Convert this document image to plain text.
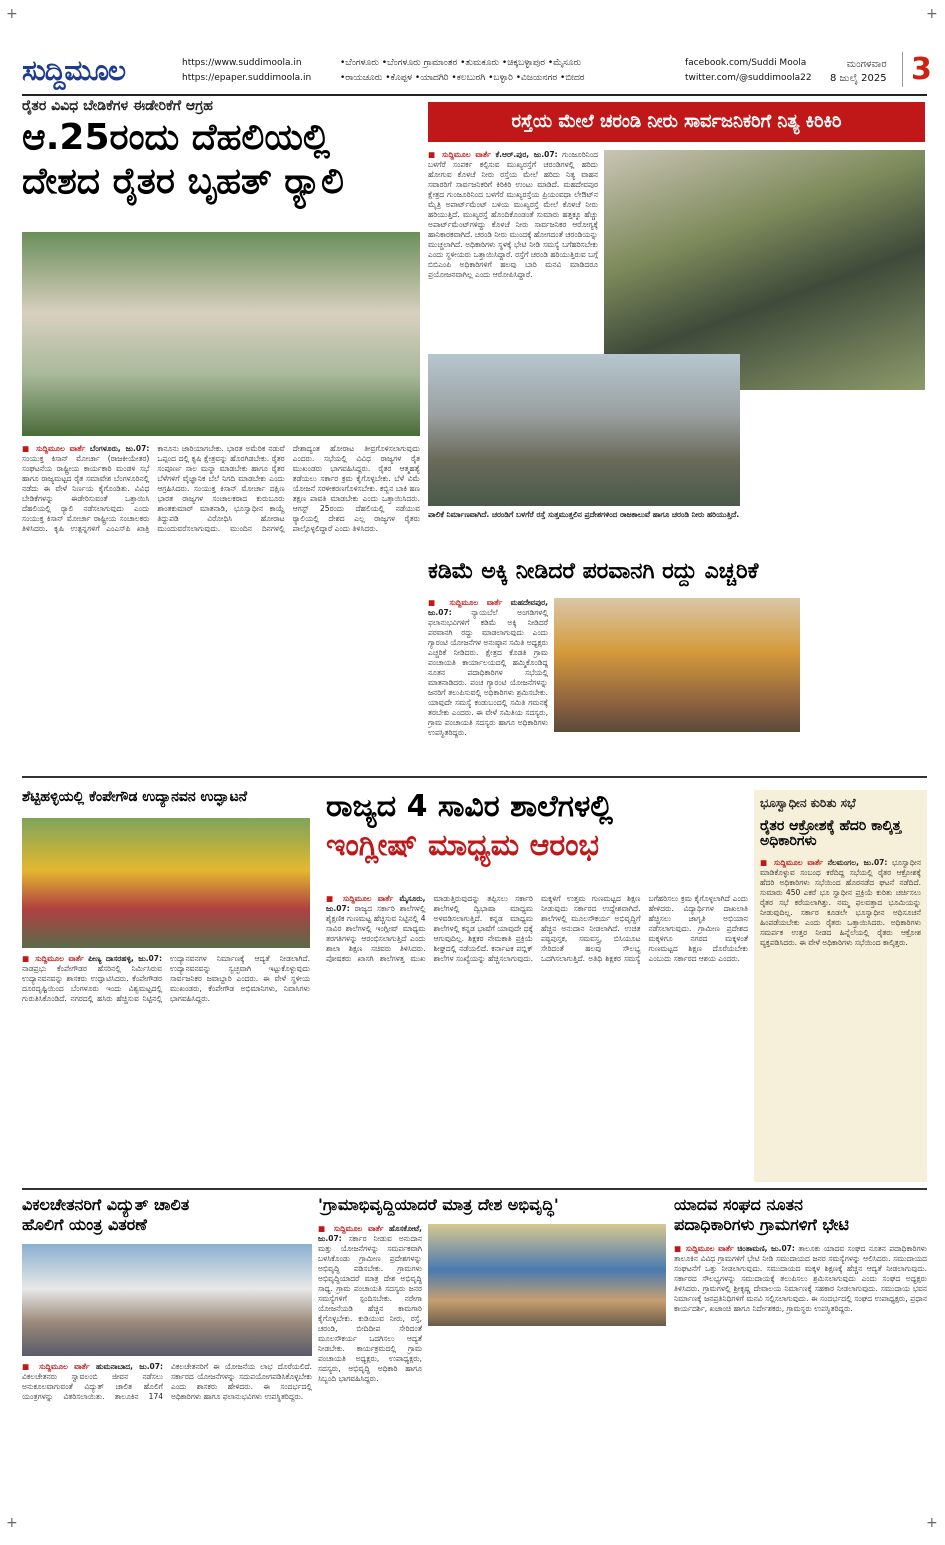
+	+
+	+
ಸುದ್ದಿಮೂಲ	https://www.suddimoola.in
https://epaper.suddimoola.in
•ಬೆಂಗಳೂರು •ಬೆಂಗಳೂರು ಗ್ರಾಮಾಂತರ •ತುಮಕೂರು •ಚಿಕ್ಕಬಳ್ಳಾಪುರ •ಮೈಸೂರು
•ರಾಯಚೂರು •ಕೊಪ್ಪಳ •ಯಾದಗಿರಿ •ಕಲಬುರಗಿ •ಬಳ್ಳಾರಿ •ವಿಜಯನಗರ •ಬೀದರ
facebook.com/Suddi Moola
twitter.com/@suddimoola22
ಮಂಗಳವಾರ
8 ಜುಲೈ 2025 3
ರೈತರ ವಿವಿಧ ಬೇಡಿಕೆಗಳ ಈಡೇರಿಕೆಗೆ ಆಗ್ರಹ
ಆ.25ರಂದು ದೆಹಲಿಯಲ್ಲಿ
ದೇಶದ ರೈತರ ಬೃಹತ್ ರ್‍ಯಾಲಿ
■ ಸುದ್ದಿಮೂಲ ವಾರ್ತೆ ಬೆಂಗಳೂರು, ಜು.07: ಸಂಯುಕ್ತ ಕಿಸಾನ್ ಮೋರ್ಚಾ (ರಾಜಕೀಯೇತರ) ಸಂಘಟನೆಯ ರಾಷ್ಟ್ರೀಯ ಕಾರ್ಯಕಾರಿ ಮಂಡಳಿ ಸಭೆ ಹಾಗೂ ರಾಜ್ಯಮಟ್ಟದ ರೈತ ಸಮಾವೇಶ ಬೆಂಗಳೂರಿನಲ್ಲಿ ನಡೆದು ಈ ವೇಳೆ ನಿರ್ಣಯ ಕೈಗೊಂಡಿತು. ವಿವಿಧ ಬೇಡಿಕೆಗಳನ್ನು ಈಡೇರಿಸುವಂತೆ ಒತ್ತಾಯಿಸಿ ದೆಹಲಿಯಲ್ಲಿ ರ್‍ಯಾಲಿ ನಡೆಸಲಾಗುವುದು ಎಂದು ಸಂಯುಕ್ತ ಕಿಸಾನ್ ಮೋರ್ಚಾ ರಾಷ್ಟ್ರೀಯ ಸಂಚಾಲಕರು ತಿಳಿಸಿದರು. ಕೃಷಿ ಉತ್ಪನ್ನಗಳಿಗೆ ಎಂಎಸ್‌ಪಿ ಖಾತ್ರಿ ಕಾನೂನು ಜಾರಿಯಾಗಬೇಕು. ಭಾರತ ಅಮೆರಿಕ ನಡುವೆ ಒಪ್ಪಂದ ದಲ್ಲಿ ಕೃಷಿ ಕ್ಷೇತ್ರವನ್ನು ಹೊರಗಿಡಬೇಕು. ರೈತರ ಸಂಪೂರ್ಣ ಸಾಲ ಮನ್ನಾ ಮಾಡಬೇಕು ಹಾಗೂ ರೈತರ ಬೆಳೆಗಳಿಗೆ ವೈಜ್ಞಾನಿಕ ಬೆಲೆ ನಿಗದಿ ಮಾಡಬೇಕು ಎಂದು ಆಗ್ರಹಿಸಿದರು. ಸಂಯುಕ್ತ ಕಿಸಾನ್ ಮೋರ್ಚಾ ದಕ್ಷಿಣ ಭಾರತ ರಾಜ್ಯಗಳ ಸಂಚಾಲಕರಾದ ಕುರುಬೂರು ಶಾಂತಕುಮಾರ್ ಮಾತನಾಡಿ, ಭೂಸ್ವಾಧೀನ ಕಾಯ್ದೆ ತಿದ್ದುಪಡಿ ವಿರೋಧಿಸಿ ಹೋರಾಟ ಮುಂದುವರೆಸಲಾಗುವುದು. ಮುಂದಿನ ದಿನಗಳಲ್ಲಿ ದೇಶಾದ್ಯಂತ ಹೋರಾಟ ತೀವ್ರಗೊಳಿಸಲಾಗುವುದು ಎಂದರು. ಸಭೆಯಲ್ಲಿ ವಿವಿಧ ರಾಜ್ಯಗಳ ರೈತ ಮುಖಂಡರು ಭಾಗವಹಿಸಿದ್ದರು. ರೈತರ ಆತ್ಮಹತ್ಯೆ ತಡೆಯಲು ಸರ್ಕಾರ ಕ್ರಮ ಕೈಗೊಳ್ಳಬೇಕು. ಬೆಳೆ ವಿಮೆ ಯೋಜನೆ ಸರಳೀಕರಣಗೊಳಿಸಬೇಕು. ಕಬ್ಬಿನ ಬಾಕಿ ಹಣ ತಕ್ಷಣ ಪಾವತಿ ಮಾಡಬೇಕು ಎಂದು ಒತ್ತಾಯಿಸಿದರು. ಆಗಸ್ಟ್ 25ರಂದು ದೆಹಲಿಯಲ್ಲಿ ನಡೆಯುವ ರ್‍ಯಾಲಿಯಲ್ಲಿ ದೇಶದ ಎಲ್ಲ ರಾಜ್ಯಗಳ ರೈತರು ಪಾಲ್ಗೊಳ್ಳಲಿದ್ದಾರೆ ಎಂದು ತಿಳಿಸಿದರು.
ರಸ್ತೆಯ ಮೇಲೆ ಚರಂಡಿ ನೀರು ಸಾರ್ವಜನಿಕರಿಗೆ ನಿತ್ಯ ಕಿರಿಕಿರಿ
■ ಸುದ್ದಿಮೂಲ ವಾರ್ತೆ ಕೆ.ಆರ್.ಪುರ, ಜು.07: ಗುಂಜೂರಿನಿಂದ ಬಳಗೆರೆ ಸಂಪರ್ಕ ಕಲ್ಪಿಸುವ ಮುಖ್ಯರಸ್ತೆಗೆ ಚರಂಡಿಗಳಲ್ಲಿ ಹರಿದು ಹೋಗುವ ಕೊಳಚೆ ನೀರು ರಸ್ತೆಯ ಮೇಲೆ ಹರಿದು ನಿತ್ಯ ವಾಹನ ಸವಾರರಿಗೆ ಸಾರ್ವಜನಿಕರಿಗೆ ಕಿರಿಕಿರಿ ಉಂಟು ಮಾಡಿದೆ. ಮಹದೇವಪುರ ಕ್ಷೇತ್ರದ ಗುಂಜೂರಿನಿಂದ ಬಳಗೆರೆ ಮುಖ್ಯರಸ್ತೆಯ ಪ್ರಿಯಂವಧಾ ಲೇಔಟ್‌ನ ಮೈತ್ರಿ ಅಪಾರ್ಟ್‌ಮೆಂಟ್ ಬಳಿಯ ಮುಖ್ಯರಸ್ತೆ ಮೇಲೆ ಕೊಳಚೆ ನೀರು ಹರಿಯುತ್ತಿದೆ. ಮುಖ್ಯರಸ್ತೆ ಹೊಂದಿಕೊಂಡಂತೆ ಸುಮಾರು ಹತ್ತಕ್ಕೂ ಹೆಚ್ಚು ಅಪಾರ್ಟ್‌ಮೆಂಟ್‌ಗಳಿದ್ದು ಕೊಳಚೆ ನೀರು ಸಾರ್ವಜನಿಕರ ಆರೋಗ್ಯಕ್ಕೆ ಹಾನಿಕಾರಕವಾಗಿದೆ. ಚರಂಡಿ ನೀರು ಮುಂದಕ್ಕೆ ಹೋಗದಂತೆ ಚರಂಡಿಯನ್ನು ಮುಚ್ಚಲಾಗಿದೆ. ಅಧಿಕಾರಿಗಳು ಸ್ಥಳಕ್ಕೆ ಭೇಟಿ ನೀಡಿ ಸಮಸ್ಯೆ ಬಗೆಹರಿಸಬೇಕು ಎಂದು ಸ್ಥಳೀಯರು ಒತ್ತಾಯಿಸಿದ್ದಾರೆ. ರಸ್ತೆಗೆ ಚರಂಡಿ ಹರಿಯುತ್ತಿರುವ ಬಗ್ಗೆ ಬಿಬಿಎಂಪಿ ಅಧಿಕಾರಿಗಳಿಗೆ ಹಲವು ಬಾರಿ ಮನವಿ ಮಾಡಿದರೂ ಪ್ರಯೋಜನವಾಗಿಲ್ಲ ಎಂದು ಆರೋಪಿಸಿದ್ದಾರೆ.
ಪಾಲಿಕೆ ನಿರ್ಮಾಣವಾಗಿದೆ. ಚರಂಡಿಗೆ ಬಳಗೆರೆ ರಸ್ತೆ ಸುತ್ತಮುತ್ತಲಿನ ಪ್ರದೇಶಗಳಿಂದ ರಾಜಕಾಲುವೆ ಹಾಗೂ ಚರಂಡಿ ನೀರು ಹರಿಯುತ್ತಿದೆ.
ಕಡಿಮೆ ಅಕ್ಕಿ ನೀಡಿದರೆ ಪರವಾನಗಿ ರದ್ದು ಎಚ್ಚರಿಕೆ
■ ಸುದ್ದಿಮೂಲ ವಾರ್ತೆ ಮಹದೇವಪುರ, ಜು.07:	ನ್ಯಾಯಬೆಲೆ ಅಂಗಡಿಗಳಲ್ಲಿ ಫಲಾನುಭವಿಗಳಿಗೆ ಕಡಿಮೆ ಅಕ್ಕಿ ನೀಡಿದರೆ ಪರವಾನಗಿ ರದ್ದು ಮಾಡಲಾಗುವುದು ಎಂದು ಗ್ಯಾರಂಟಿ ಯೋಜನೆಗಳ ಅನುಷ್ಠಾನ ಸಮಿತಿ ಅಧ್ಯಕ್ಷರು ಎಚ್ಚರಿಕೆ ನೀಡಿದರು. ಕ್ಷೇತ್ರದ ಕೊಡತಿ ಗ್ರಾಮ ಪಂಚಾಯತಿ ಕಾರ್ಯಾಲಯದಲ್ಲಿ ಹಮ್ಮಿಕೊಂಡಿದ್ದ ನೂತನ ಪದಾಧಿಕಾರಿಗಳ ಸಭೆಯಲ್ಲಿ ಮಾತನಾಡಿದರು. ಪಂಚ ಗ್ಯಾರಂಟಿ ಯೋಜನೆಗಳನ್ನು ಜನರಿಗೆ ತಲುಪಿಸುವಲ್ಲಿ ಅಧಿಕಾರಿಗಳು ಶ್ರಮಿಸಬೇಕು. ಯಾವುದೇ ಸಮಸ್ಯೆ ಕಂಡುಬಂದಲ್ಲಿ ಸಮಿತಿ ಗಮನಕ್ಕೆ ತರಬೇಕು ಎಂದರು. ಈ ವೇಳೆ ಸಮಿತಿಯ ಸದಸ್ಯರು, ಗ್ರಾಮ ಪಂಚಾಯತಿ ಸದಸ್ಯರು ಹಾಗೂ ಅಧಿಕಾರಿಗಳು ಉಪಸ್ಥಿತರಿದ್ದರು.
ಶೆಟ್ಟಿಹಳ್ಳಿಯಲ್ಲಿ ಕೆಂಪೇಗೌಡ ಉದ್ಯಾನವನ ಉದ್ಘಾಟನೆ
■ ಸುದ್ದಿಮೂಲ ವಾರ್ತೆ ಪೀಣ್ಯ ದಾಸರಹಳ್ಳಿ, ಜು.07: ನಾಡಪ್ರಭು ಕೆಂಪೇಗೌಡರ ಹೆಸರಿನಲ್ಲಿ ನಿರ್ಮಿಸಿರುವ ಉದ್ಯಾನವನವನ್ನು ಶಾಸಕರು ಉದ್ಘಾಟಿಸಿದರು. ಕೆಂಪೇಗೌಡರ ದೂರದೃಷ್ಟಿಯಿಂದ ಬೆಂಗಳೂರು ಇಂದು ವಿಶ್ವಮಟ್ಟದಲ್ಲಿ ಗುರುತಿಸಿಕೊಂಡಿದೆ. ನಗರದಲ್ಲಿ ಹಸಿರು ಹೆಚ್ಚಿಸುವ ನಿಟ್ಟಿನಲ್ಲಿ ಉದ್ಯಾನವನಗಳ ನಿರ್ಮಾಣಕ್ಕೆ ಆದ್ಯತೆ ನೀಡಲಾಗಿದೆ. ಉದ್ಯಾನವನವನ್ನು ಸ್ವಚ್ಛವಾಗಿ ಇಟ್ಟುಕೊಳ್ಳುವುದು ಸಾರ್ವಜನಿಕರ ಜವಾಬ್ದಾರಿ ಎಂದರು. ಈ ವೇಳೆ ಸ್ಥಳೀಯ ಮುಖಂಡರು, ಕೆಂಪೇಗೌಡ ಅಭಿಮಾನಿಗಳು, ನಿವಾಸಿಗಳು ಭಾಗವಹಿಸಿದ್ದರು.
ರಾಜ್ಯದ 4 ಸಾವಿರ ಶಾಲೆಗಳಲ್ಲಿ
ಇಂಗ್ಲೀಷ್ ಮಾಧ್ಯಮ ಆರಂಭ
■ ಸುದ್ದಿಮೂಲ ವಾರ್ತೆ ಮೈಸೂರು, ಜು.07: ರಾಜ್ಯದ ಸರ್ಕಾರಿ ಶಾಲೆಗಳಲ್ಲಿ ಶೈಕ್ಷಣಿಕ ಗುಣಮಟ್ಟ ಹೆಚ್ಚಿಸುವ ನಿಟ್ಟಿನಲ್ಲಿ 4 ಸಾವಿರ ಶಾಲೆಗಳಲ್ಲಿ ಇಂಗ್ಲೀಷ್ ಮಾಧ್ಯಮ ತರಗತಿಗಳನ್ನು ಆರಂಭಿಸಲಾಗುತ್ತಿದೆ ಎಂದು ಶಾಲಾ ಶಿಕ್ಷಣ ಸಚಿವರು ತಿಳಿಸಿದರು. ಪೋಷಕರು ಖಾಸಗಿ ಶಾಲೆಗಳತ್ತ ಮುಖ ಮಾಡುತ್ತಿರುವುದನ್ನು ತಪ್ಪಿಸಲು ಸರ್ಕಾರಿ ಶಾಲೆಗಳಲ್ಲಿ ದ್ವಿಭಾಷಾ ಮಾಧ್ಯಮ ಅಳವಡಿಸಲಾಗುತ್ತಿದೆ. ಕನ್ನಡ ಮಾಧ್ಯಮ ಶಾಲೆಗಳಲ್ಲಿ ಕನ್ನಡ ಭಾಷೆಗೆ ಯಾವುದೇ ಧಕ್ಕೆ ಆಗುವುದಿಲ್ಲ. ಶಿಕ್ಷಕರ ನೇಮಕಾತಿ ಪ್ರಕ್ರಿಯೆ ಶೀಘ್ರದಲ್ಲಿ ನಡೆಯಲಿದೆ. ಕರ್ನಾಟಕ ಪಬ್ಲಿಕ್ ಶಾಲೆಗಳ ಸಂಖ್ಯೆಯನ್ನು ಹೆಚ್ಚಿಸಲಾಗುವುದು. ಮಕ್ಕಳಿಗೆ ಉತ್ತಮ ಗುಣಮಟ್ಟದ ಶಿಕ್ಷಣ ನೀಡುವುದು ಸರ್ಕಾರದ ಉದ್ದೇಶವಾಗಿದೆ. ಶಾಲೆಗಳಲ್ಲಿ ಮೂಲಸೌಕರ್ಯ ಅಭಿವೃದ್ಧಿಗೆ ಹೆಚ್ಚಿನ ಅನುದಾನ ನೀಡಲಾಗಿದೆ. ಉಚಿತ ಪಠ್ಯಪುಸ್ತಕ, ಸಮವಸ್ತ್ರ, ಬಿಸಿಯೂಟ ಸೇರಿದಂತೆ ಹಲವು ಸೌಲಭ್ಯ ಒದಗಿಸಲಾಗುತ್ತಿದೆ. ಅತಿಥಿ ಶಿಕ್ಷಕರ ಸಮಸ್ಯೆ ಬಗೆಹರಿಸಲು ಕ್ರಮ ಕೈಗೊಳ್ಳಲಾಗಿದೆ ಎಂದು ಹೇಳಿದರು. ವಿದ್ಯಾರ್ಥಿಗಳ ದಾಖಲಾತಿ ಹೆಚ್ಚಿಸಲು ಜಾಗೃತಿ ಅಭಿಯಾನ ನಡೆಸಲಾಗುವುದು. ಗ್ರಾಮೀಣ ಪ್ರದೇಶದ ಮಕ್ಕಳಿಗೂ ನಗರದ ಮಕ್ಕಳಂತೆ ಗುಣಮಟ್ಟದ ಶಿಕ್ಷಣ ದೊರೆಯಬೇಕು ಎಂಬುದು ಸರ್ಕಾರದ ಆಶಯ ಎಂದರು.
ಭೂಸ್ವಾಧೀನ ಕುರಿತು ಸಭೆ
ರೈತರ ಆಕ್ರೋಶಕ್ಕೆ ಹೆದರಿ ಕಾಲ್ಕಿತ್ತ ಅಧಿಕಾರಿಗಳು
■ ಸುದ್ದಿಮೂಲ ವಾರ್ತೆ ನೆಲಮಂಗಲ, ಜು.07: ಭೂಸ್ವಾಧೀನ ಮಾಡಿಕೊಳ್ಳುವ ಸಂಬಂಧ ಕರೆದಿದ್ದ ಸಭೆಯಲ್ಲಿ ರೈತರ ಆಕ್ರೋಶಕ್ಕೆ ಹೆದರಿ ಅಧಿಕಾರಿಗಳು ಸಭೆಯಿಂದ ಹೊರನಡೆದ ಘಟನೆ ನಡೆದಿದೆ. ಸುಮಾರು 450 ಎಕರೆ ಭೂ ಸ್ವಾಧೀನ ಪ್ರಕ್ರಿಯೆ ಕುರಿತು ಚರ್ಚಿಸಲು ರೈತರ ಸಭೆ ಕರೆಯಲಾಗಿತ್ತು. ನಮ್ಮ ಫಲವತ್ತಾದ ಭೂಮಿಯನ್ನು ನೀಡುವುದಿಲ್ಲ. ಸರ್ಕಾರ ಕೂಡಲೇ ಭೂಸ್ವಾಧೀನ ಅಧಿಸೂಚನೆ ಹಿಂಪಡೆಯಬೇಕು ಎಂದು ರೈತರು ಒತ್ತಾಯಿಸಿದರು. ಅಧಿಕಾರಿಗಳು ಸಮರ್ಪಕ ಉತ್ತರ ನೀಡದ ಹಿನ್ನೆಲೆಯಲ್ಲಿ ರೈತರು ಆಕ್ರೋಶ ವ್ಯಕ್ತಪಡಿಸಿದರು. ಈ ವೇಳೆ ಅಧಿಕಾರಿಗಳು ಸಭೆಯಿಂದ ಕಾಲ್ಕಿತ್ತರು.
ವಿಕಲಚೇತನರಿಗೆ ವಿದ್ಯುತ್ ಚಾಲಿತ
ಹೊಲಿಗೆ ಯಂತ್ರ ವಿತರಣೆ
■ ಸುದ್ದಿಮೂಲ ವಾರ್ತೆ ಹುಮನಾಬಾದ, ಜು.07: ವಿಕಲಚೇತನರು ಸ್ವಾವಲಂಬಿ ಜೀವನ ನಡೆಸಲು ಅನುಕೂಲವಾಗುವಂತೆ ವಿದ್ಯುತ್ ಚಾಲಿತ ಹೊಲಿಗೆ ಯಂತ್ರಗಳನ್ನು ವಿತರಿಸಲಾಯಿತು. ತಾಲೂಕಿನ 174 ವಿಕಲಚೇತನರಿಗೆ ಈ ಯೋಜನೆಯ ಲಾಭ ದೊರೆಯಲಿದೆ. ಸರ್ಕಾರದ ಯೋಜನೆಗಳನ್ನು ಸದುಪಯೋಗಪಡಿಸಿಕೊಳ್ಳಬೇಕು ಎಂದು ಶಾಸಕರು ಹೇಳಿದರು. ಈ ಸಂದರ್ಭದಲ್ಲಿ ಅಧಿಕಾರಿಗಳು ಹಾಗೂ ಫಲಾನುಭವಿಗಳು ಉಪಸ್ಥಿತರಿದ್ದರು.
'ಗ್ರಾಮಾಭಿವೃದ್ದಿಯಾದರೆ ಮಾತ್ರ ದೇಶ ಅಭಿವೃದ್ಧಿ'
■ ಸುದ್ದಿಮೂಲ ವಾರ್ತೆ ಹೊಸಕೋಟೆ, ಜು.07: ಸರ್ಕಾರ ನೀಡುವ ಅನುದಾನ ಮತ್ತು ಯೋಜನೆಗಳನ್ನು ಸಮರ್ಪಕವಾಗಿ ಬಳಸಿಕೊಂಡು ಗ್ರಾಮೀಣ ಪ್ರದೇಶಗಳನ್ನು ಅಭಿವೃದ್ಧಿ ಪಡಿಸಬೇಕು. ಗ್ರಾಮಗಳು ಅಭಿವೃದ್ಧಿಯಾದರೆ ಮಾತ್ರ ದೇಶ ಅಭಿವೃದ್ಧಿ ಸಾಧ್ಯ. ಗ್ರಾಮ ಪಂಚಾಯತಿ ಸದಸ್ಯರು ಜನರ ಸಮಸ್ಯೆಗಳಿಗೆ ಸ್ಪಂದಿಸಬೇಕು. ನರೇಗಾ ಯೋಜನೆಯಡಿ ಹೆಚ್ಚಿನ ಕಾಮಗಾರಿ ಕೈಗೊಳ್ಳಬೇಕು. ಕುಡಿಯುವ ನೀರು, ರಸ್ತೆ, ಚರಂಡಿ, ಬೀದಿದೀಪ ಸೇರಿದಂತೆ ಮೂಲಸೌಕರ್ಯ ಒದಗಿಸಲು ಆದ್ಯತೆ ನೀಡಬೇಕು. ಕಾರ್ಯಕ್ರಮದಲ್ಲಿ ಗ್ರಾಮ ಪಂಚಾಯತಿ ಅಧ್ಯಕ್ಷರು, ಉಪಾಧ್ಯಕ್ಷರು, ಸದಸ್ಯರು, ಅಭಿವೃದ್ಧಿ ಅಧಿಕಾರಿ ಹಾಗೂ ಸಿಬ್ಬಂದಿ ಭಾಗವಹಿಸಿದ್ದರು.
ಯಾದವ ಸಂಘದ ನೂತನ
ಪದಾಧಿಕಾರಿಗಳು ಗ್ರಾಮಗಳಿಗೆ ಭೇಟಿ
■ ಸುದ್ದಿಮೂಲ ವಾರ್ತೆ ಚಿಂತಾಮಣಿ, ಜು.07: ತಾಲೂಕು ಯಾದವ ಸಂಘದ ನೂತನ ಪದಾಧಿಕಾರಿಗಳು ತಾಲೂಕಿನ ವಿವಿಧ ಗ್ರಾಮಗಳಿಗೆ ಭೇಟಿ ನೀಡಿ ಸಮುದಾಯದ ಜನರ ಸಮಸ್ಯೆಗಳನ್ನು ಆಲಿಸಿದರು. ಸಮುದಾಯದ ಸಂಘಟನೆಗೆ ಒತ್ತು ನೀಡಲಾಗುವುದು. ಸಮುದಾಯದ ಮಕ್ಕಳ ಶಿಕ್ಷಣಕ್ಕೆ ಹೆಚ್ಚಿನ ಆದ್ಯತೆ ನೀಡಲಾಗುವುದು. ಸರ್ಕಾರದ ಸೌಲಭ್ಯಗಳನ್ನು ಸಮುದಾಯಕ್ಕೆ ತಲುಪಿಸಲು ಶ್ರಮಿಸಲಾಗುವುದು ಎಂದು ಸಂಘದ ಅಧ್ಯಕ್ಷರು ತಿಳಿಸಿದರು. ಗ್ರಾಮಗಳಲ್ಲಿ ಶ್ರೀಕೃಷ್ಣ ದೇವಾಲಯ ನಿರ್ಮಾಣಕ್ಕೆ ಸಹಕಾರ ನೀಡಲಾಗುವುದು. ಸಮುದಾಯ ಭವನ ನಿರ್ಮಾಣಕ್ಕೆ ಜನಪ್ರತಿನಿಧಿಗಳಿಗೆ ಮನವಿ ಸಲ್ಲಿಸಲಾಗುವುದು. ಈ ಸಂದರ್ಭದಲ್ಲಿ ಸಂಘದ ಉಪಾಧ್ಯಕ್ಷರು, ಪ್ರಧಾನ ಕಾರ್ಯದರ್ಶಿ, ಖಜಾಂಚಿ ಹಾಗೂ ನಿರ್ದೇಶಕರು, ಗ್ರಾಮಸ್ಥರು ಉಪಸ್ಥಿತರಿದ್ದರು.
